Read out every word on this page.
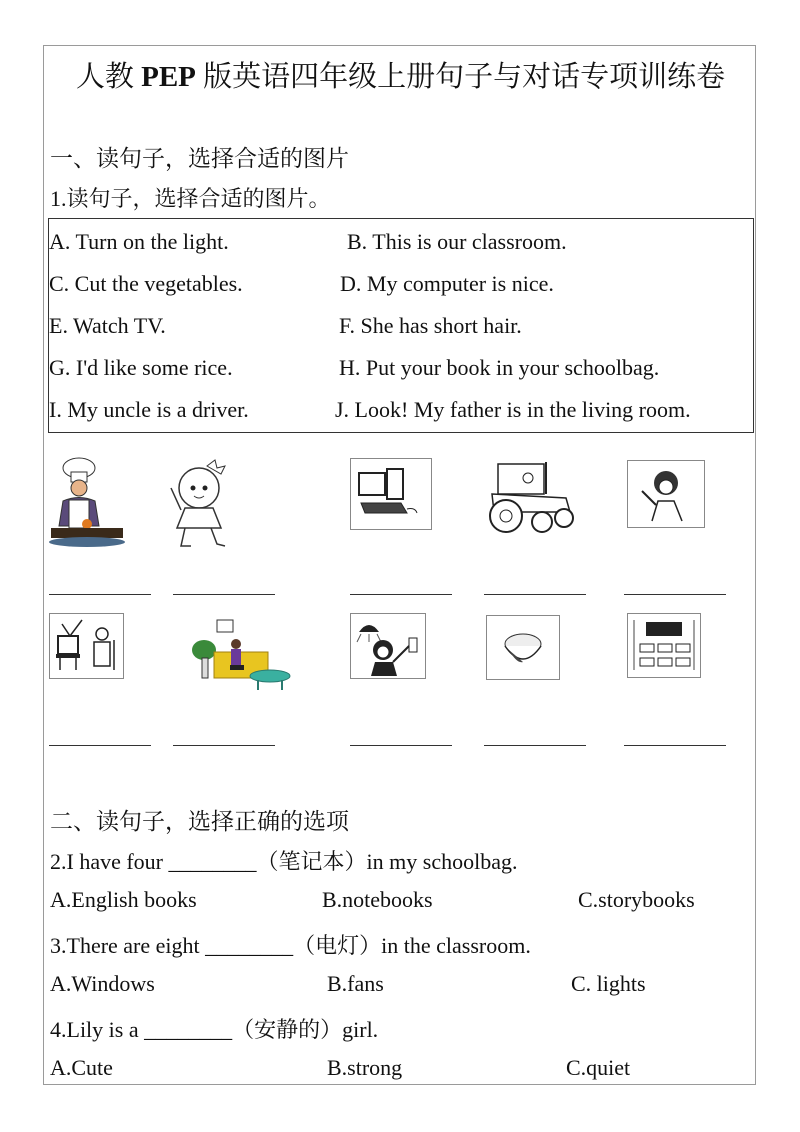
人教 PEP 版英语四年级上册句子与对话专项训练卷
一、读句子，选择合适的图片
1.读句子，选择合适的图片。
A. Turn on the light.	B. This is our classroom.
C. Cut the vegetables.	D. My computer is nice.
E. Watch TV.	F. She has short hair.
G. I'd like some rice.	H. Put your book in your schoolbag.
I. My uncle is a driver.	J. Look! My father is in the living room.
二、读句子，选择正确的选项
2.I have four ________（笔记本）in my schoolbag.
A.English books	B.notebooks	C.storybooks
3.There are eight ________（电灯）in the classroom.
A.Windows	B.fans	C. lights
4.Lily is a ________（安静的）girl.
A.Cute	B.strong	C.quiet
